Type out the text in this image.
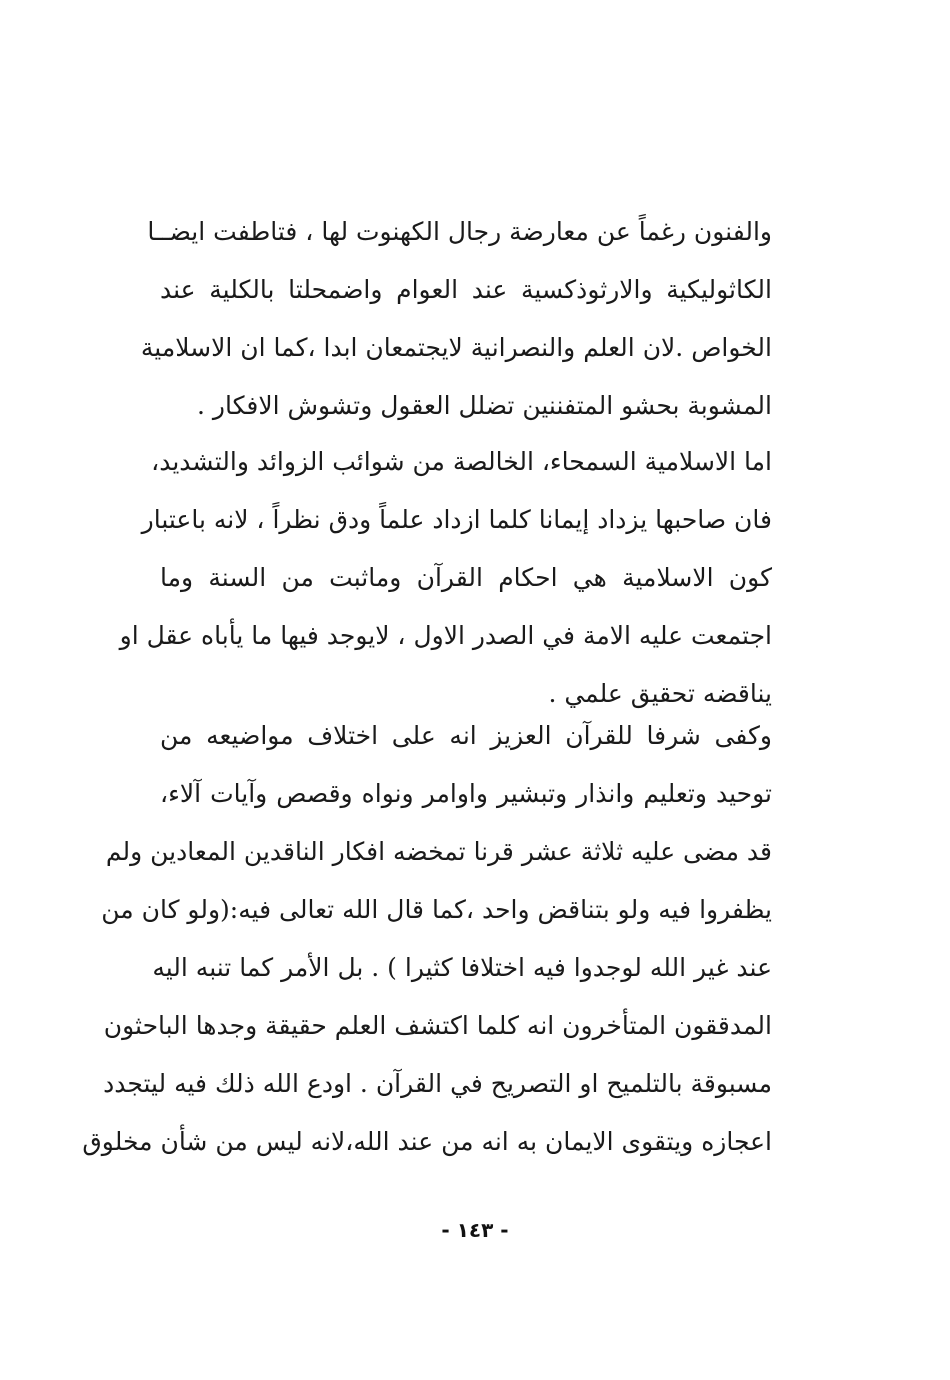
والفنون رغماً عن معارضة رجال الكهنوت لها ، فتاطفت ايضـ‍ـا
الكاثوليكية والارثوذكسية عند العوام واضمحلتا بالكلية عند
الخواص .لان العلم والنصرانية لايجتمعان ابدا ،كما ان الاسلامية
المشوبة بحشو المتفننين تضلل العقول وتشوش الافكار .
اما الاسلامية السمحاء، الخالصة من شوائب الزوائد والتشديد،
فان صاحبها يزداد إيمانا كلما ازداد علماً ودق نظراً ، لانه باعتبار
كون الاسلامية هي احكام القرآن وماثبت من السنة وما
اجتمعت عليه الامة في الصدر الاول ، لايوجد فيها ما يأباه عقل او
يناقضه تحقيق علمي .
وكفى شرفا للقرآن العزيز انه على اختلاف مواضيعه من
توحيد وتعليم وانذار وتبشير واوامر ونواه وقصص وآيات آلاء،
قد مضى عليه ثلاثة عشر قرنا تمخضه افكار الناقدين المعادين ولم
يظفروا فيه ولو بتناقض واحد ،كما قال الله تعالى فيه:(ولو كان من
عند غير الله لوجدوا فيه اختلافا كثيرا ) . بل الأمر كما تنبه اليه
المدققون المتأخرون انه كلما اكتشف العلم حقيقة وجدها الباحثون
مسبوقة بالتلميح او التصريح في القرآن . اودع الله ذلك فيه ليتجدد
اعجازه ويتقوى الايمان به انه من عند الله،لانه ليس من شأن مخلوق
- ١٤٣ -
